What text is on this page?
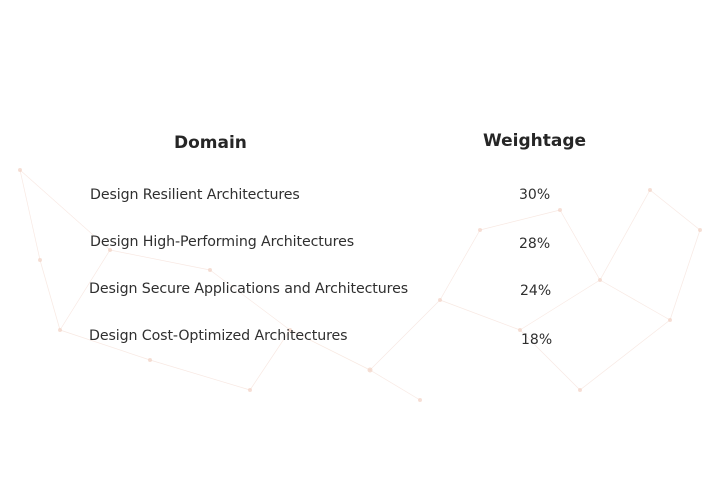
Domain	Weightage
Design Resilient Architectures	30%
Design High-Performing Architectures	28%
Design Secure Applications and Architectures	24%
Design Cost-Optimized Architectures	18%
